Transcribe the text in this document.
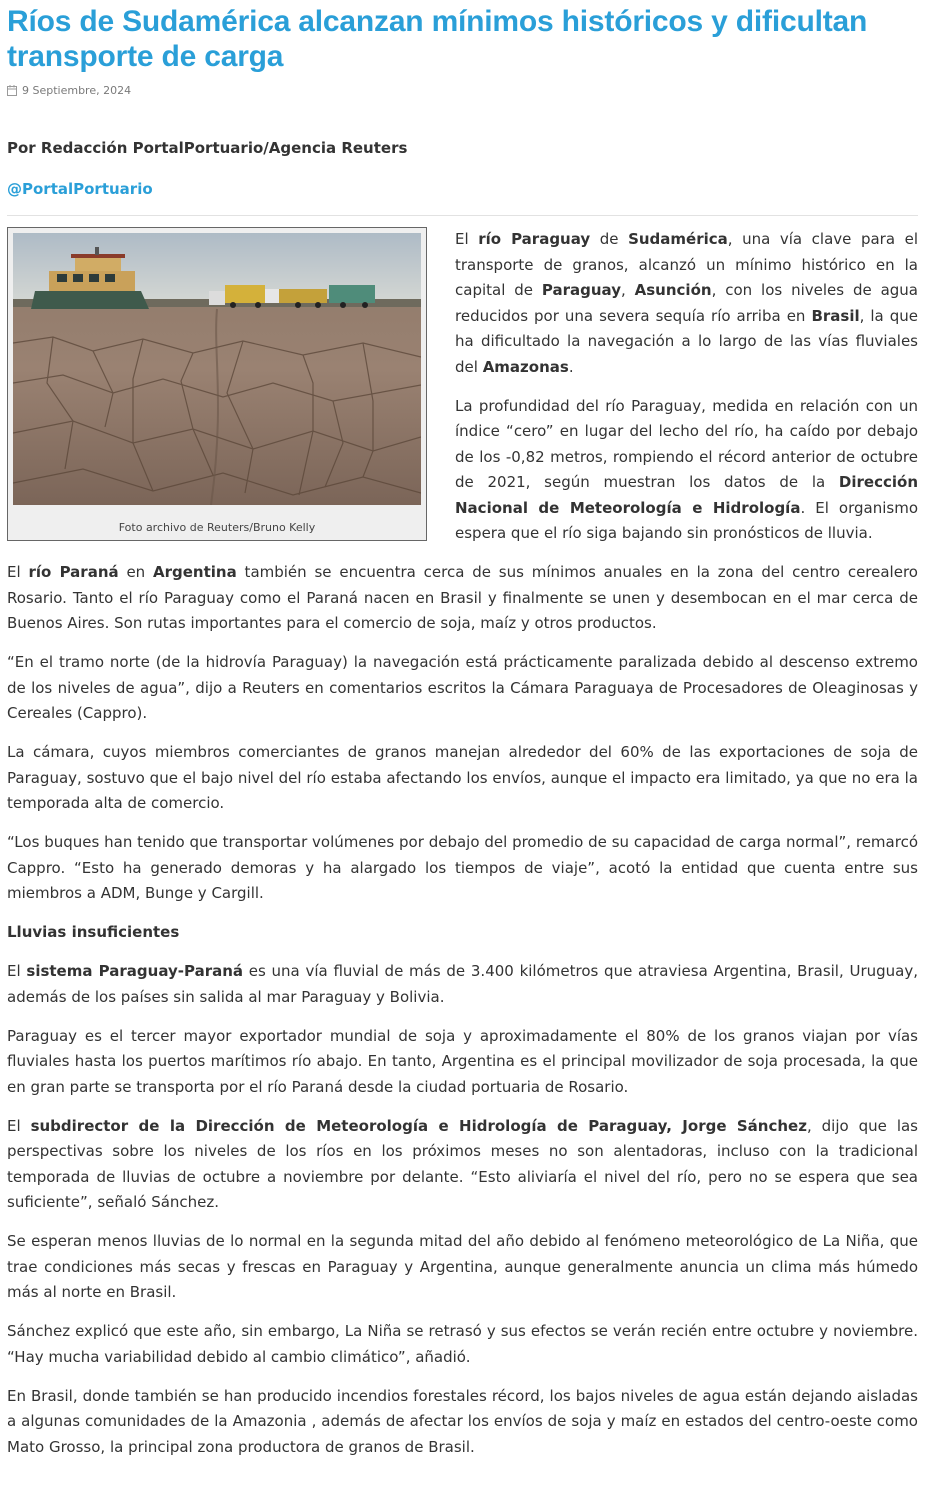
Ríos de Sudamérica alcanzan mínimos históricos y dificultan transporte de carga
9 Septiembre, 2024
Por Redacción PortalPortuario/Agencia Reuters
@PortalPortuario
Foto archivo de Reuters/Bruno Kelly

El río Paraguay de Sudamérica, una vía clave para el transporte de granos, alcanzó un mínimo histórico en la capital de Paraguay, Asunción, con los niveles de agua reducidos por una severa sequía río arriba en Brasil, la que ha dificultado la navegación a lo largo de las vías fluviales del Amazonas.

La profundidad del río Paraguay, medida en relación con un índice “cero” en lugar del lecho del río, ha caído por debajo de los -0,82 metros, rompiendo el récord anterior de octubre de 2021, según muestran los datos de la Dirección Nacional de Meteorología e Hidrología. El organismo espera que el río siga bajando sin pronósticos de lluvia.

El río Paraná en Argentina también se encuentra cerca de sus mínimos anuales en la zona del centro cerealero Rosario. Tanto el río Paraguay como el Paraná nacen en Brasil y finalmente se unen y desembocan en el mar cerca de Buenos Aires. Son rutas importantes para el comercio de soja, maíz y otros productos.

“En el tramo norte (de la hidrovía Paraguay) la navegación está prácticamente paralizada debido al descenso extremo de los niveles de agua”, dijo a Reuters en comentarios escritos la Cámara Paraguaya de Procesadores de Oleaginosas y Cereales (Cappro).

La cámara, cuyos miembros comerciantes de granos manejan alrededor del 60% de las exportaciones de soja de Paraguay, sostuvo que el bajo nivel del río estaba afectando los envíos, aunque el impacto era limitado, ya que no era la temporada alta de comercio.

“Los buques han tenido que transportar volúmenes por debajo del promedio de su capacidad de carga normal”, remarcó Cappro. “Esto ha generado demoras y ha alargado los tiempos de viaje”, acotó la entidad que cuenta entre sus miembros a ADM, Bunge y Cargill.

Lluvias insuficientes

El sistema Paraguay-Paraná es una vía fluvial de más de 3.400 kilómetros que atraviesa Argentina, Brasil, Uruguay, además de los países sin salida al mar Paraguay y Bolivia.

Paraguay es el tercer mayor exportador mundial de soja y aproximadamente el 80% de los granos viajan por vías fluviales hasta los puertos marítimos río abajo. En tanto, Argentina es el principal movilizador de soja procesada, la que en gran parte se transporta por el río Paraná desde la ciudad portuaria de Rosario.

El subdirector de la Dirección de Meteorología e Hidrología de Paraguay, Jorge Sánchez, dijo que las perspectivas sobre los niveles de los ríos en los próximos meses no son alentadoras, incluso con la tradicional temporada de lluvias de octubre a noviembre por delante. “Esto aliviaría el nivel del río, pero no se espera que sea suficiente”, señaló Sánchez.

Se esperan menos lluvias de lo normal en la segunda mitad del año debido al fenómeno meteorológico de La Niña, que trae condiciones más secas y frescas en Paraguay y Argentina, aunque generalmente anuncia un clima más húmedo más al norte en Brasil.

Sánchez explicó que este año, sin embargo, La Niña se retrasó y sus efectos se verán recién entre octubre y noviembre. “Hay mucha variabilidad debido al cambio climático”, añadió.

En Brasil, donde también se han producido incendios forestales récord, los bajos niveles de agua están dejando aisladas a algunas comunidades de la Amazonia , además de afectar los envíos de soja y maíz en estados del centro-oeste como Mato Grosso, la principal zona productora de granos de Brasil.
